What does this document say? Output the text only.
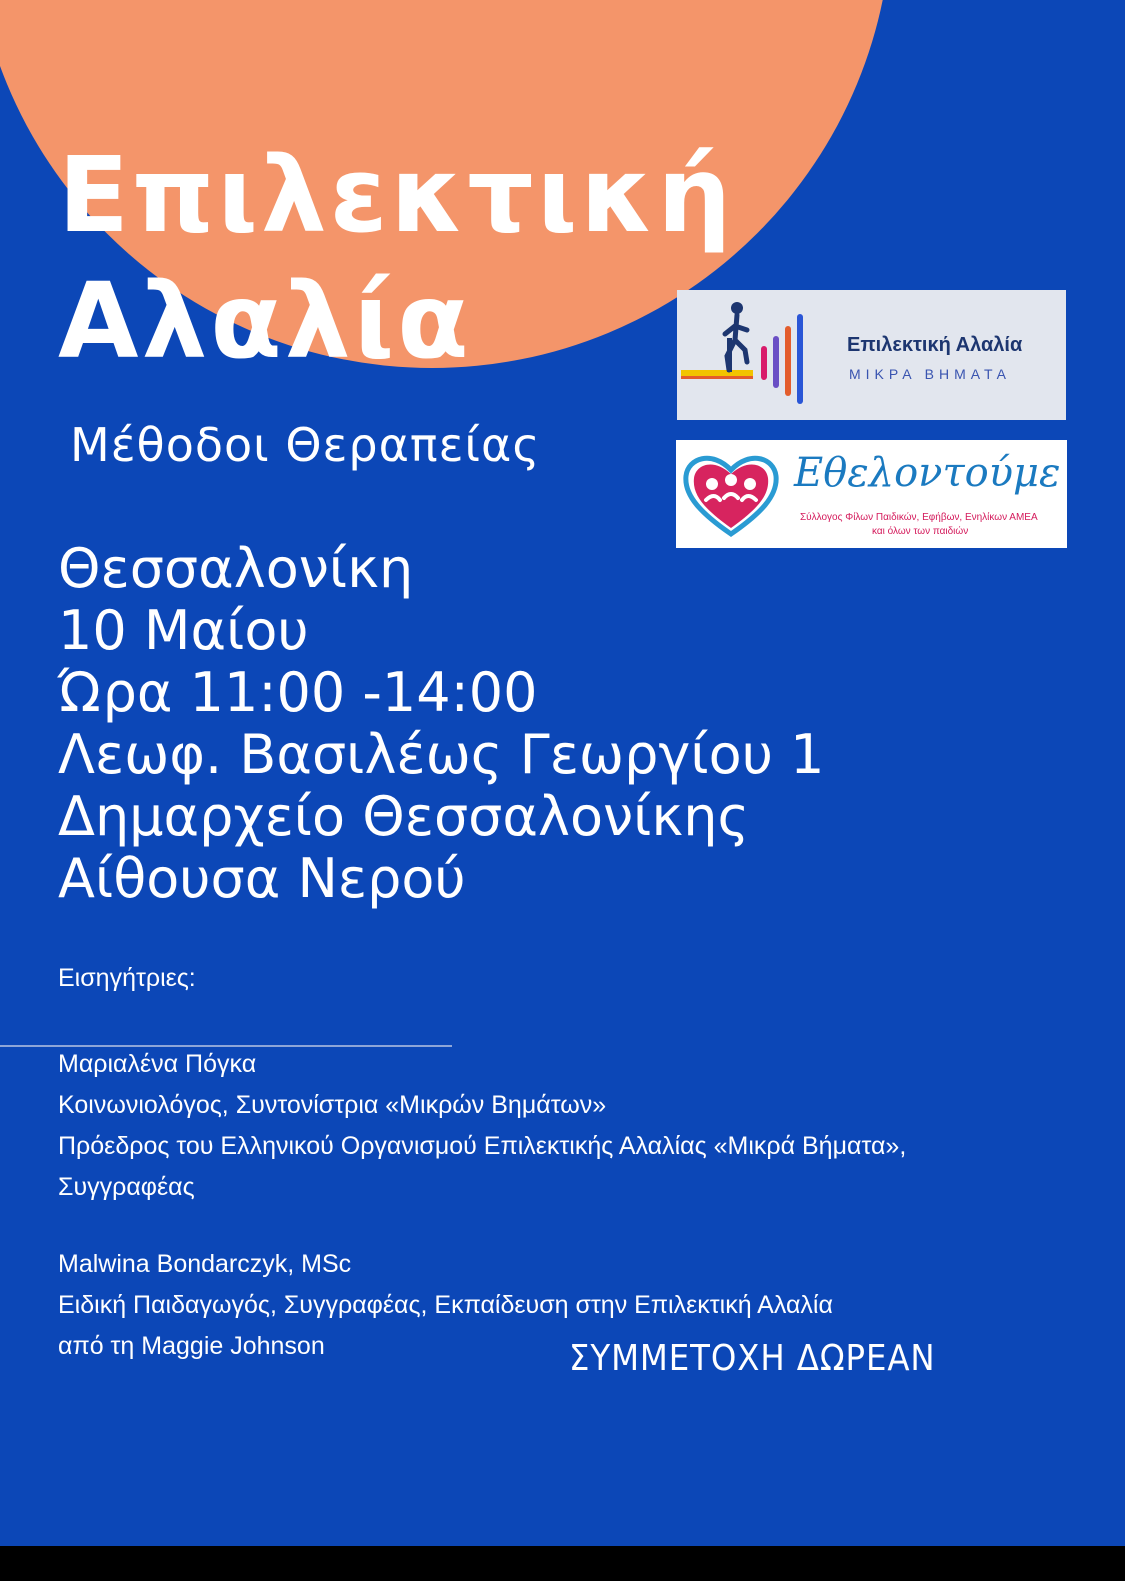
Επιλεκτική
Αλαλία
Μέθοδοι Θεραπείας
Επιλεκτική Αλαλία
ΜΙΚΡΑ ΒΗΜΑΤΑ
Εθελοντούμε
Σύλλογος Φίλων Παιδικών, Εφήβων, Ενηλίκων ΑΜΕΑ
και όλων των παιδιών
Θεσσαλονίκη
10 Μαίου
Ώρα 11:00 -14:00
Λεωφ. Βασιλέως Γεωργίου 1
Δημαρχείο Θεσσαλονίκης
Αίθουσα Νερού
Εισηγήτριες:
Μαριαλένα Πόγκα
Κοινωνιολόγος, Συντονίστρια «Μικρών Βημάτων»
Πρόεδρος του Ελληνικού Οργανισμού Επιλεκτικής Αλαλίας «Μικρά Βήματα»,
Συγγραφέας
Malwina Bondarczyk, MSc
Ειδική Παιδαγωγός, Συγγραφέας, Εκπαίδευση στην Επιλεκτική Αλαλία
από τη Maggie Johnson	ΣΥΜΜΕΤΟΧΗ ΔΩΡΕΑΝ
